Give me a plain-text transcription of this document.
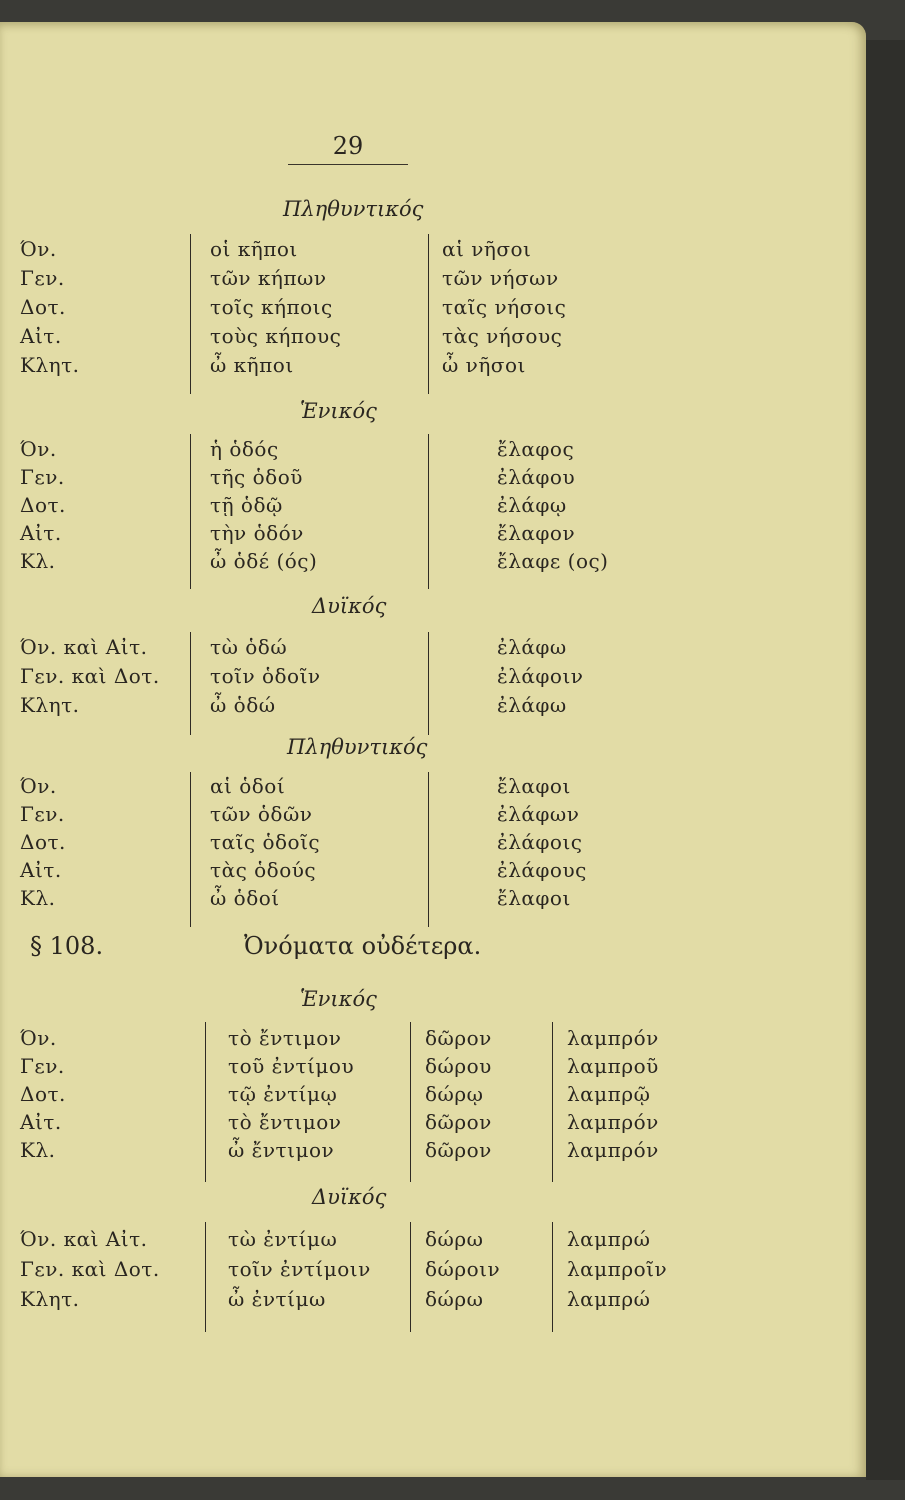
29
Πληθυντικός
Όν.	οἱ κῆποι	αἱ νῆσοι
Γεν.	τῶν κήπων	τῶν νήσων
Δοτ.	τοῖς κήποις	ταῖς νήσοις
Αἰτ.	τοὺς κήπους	τὰς νήσους
Κλητ.	ὦ κῆποι	ὦ νῆσοι
Ἑνικός
Όν.	ἡ ὁδός	ἔλαφος
Γεν.	τῆς ὁδοῦ	ἐλάφου
Δοτ.	τῇ ὁδῷ	ἐλάφῳ
Αἰτ.	τὴν ὁδόν	ἔλαφον
Κλ.	ὦ ὁδέ (ός)	ἔλαφε (ος)
Δυϊκός
Όν. καὶ Αἰτ.	τὼ ὁδώ	ἐλάφω
Γεν. καὶ Δοτ.	τοῖν ὁδοῖν	ἐλάφοιν
Κλητ.	ὦ ὁδώ	ἐλάφω
Πληθυντικός
Όν.	αἱ ὁδοί	ἔλαφοι
Γεν.	τῶν ὁδῶν	ἐλάφων
Δοτ.	ταῖς ὁδοῖς	ἐλάφοις
Αἰτ.	τὰς ὁδούς	ἐλάφους
Κλ.	ὦ ὁδοί	ἔλαφοι
§ 108.	Ὀνόματα οὐδέτερα.
Ἑνικός
Όν.	τὸ ἔντιμον	δῶρον	λαμπρόν
Γεν.	τοῦ ἐντίμου	δώρου	λαμπροῦ
Δοτ.	τῷ ἐντίμῳ	δώρῳ	λαμπρῷ
Αἰτ.	τὸ ἔντιμον	δῶρον	λαμπρόν
Κλ.	ὦ ἔντιμον	δῶρον	λαμπρόν
Δυϊκός
Όν. καὶ Αἰτ.	τὼ ἐντίμω	δώρω	λαμπρώ
Γεν. καὶ Δοτ.	τοῖν ἐντίμοιν	δώροιν	λαμπροῖν
Κλητ.	ὦ ἐντίμω	δώρω	λαμπρώ
